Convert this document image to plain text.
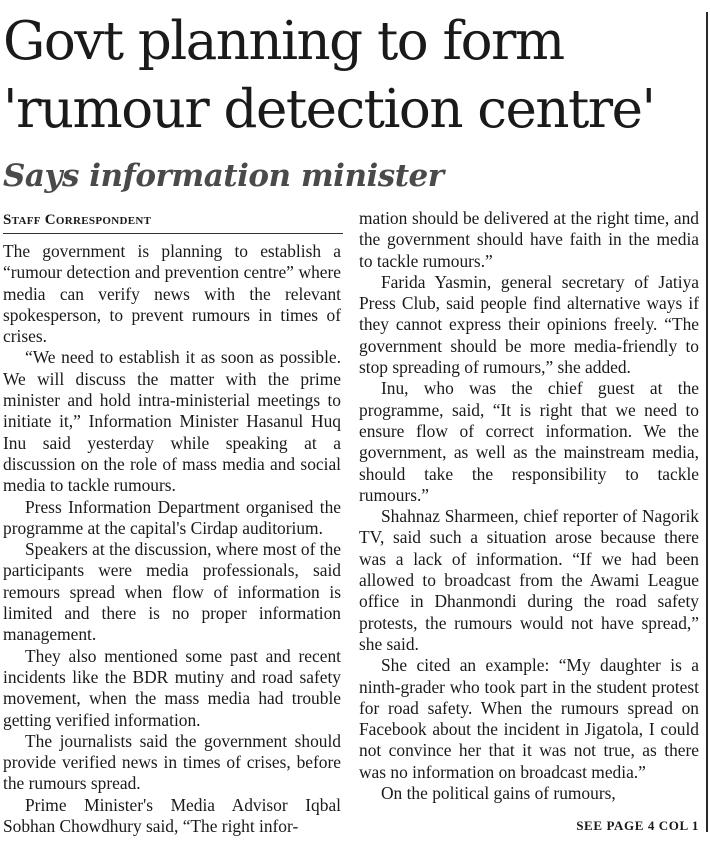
Govt planning to form
'rumour detection centre'
Says information minister
Staff Correspondent

The government is planning to establish a “rumour detection and prevention centre” where media can verify news with the relevant spokesperson, to prevent rumours in times of crises.

“We need to establish it as soon as possible. We will discuss the matter with the prime minister and hold intra-ministerial meetings to initiate it,” Information Minister Hasanul Huq Inu said yesterday while speaking at a discussion on the role of mass media and social media to tackle rumours.

Press Information Department organised the programme at the capital's Cirdap auditorium.

Speakers at the discussion, where most of the participants were media professionals, said remours spread when flow of information is limited and there is no proper information management.

They also mentioned some past and recent incidents like the BDR mutiny and road safety movement, when the mass media had trouble getting verified information.

The journalists said the government should provide verified news in times of crises, before the rumours spread.

Prime Minister's Media Advisor Iqbal Sobhan Chowdhury said, “The right infor-

mation should be delivered at the right time, and the government should have faith in the media to tackle rumours.”

Farida Yasmin, general secretary of Jatiya Press Club, said people find alternative ways if they cannot express their opinions freely. “The government should be more media-friendly to stop spreading of rumours,” she added.

Inu, who was the chief guest at the programme, said, “It is right that we need to ensure flow of correct information. We the government, as well as the mainstream media, should take the responsibility to tackle rumours.”

Shahnaz Sharmeen, chief reporter of Nagorik TV, said such a situation arose because there was a lack of information. “If we had been allowed to broadcast from the Awami League office in Dhanmondi during the road safety protests, the rumours would not have spread,” she said.

She cited an example: “My daughter is a ninth-grader who took part in the student protest for road safety. When the rumours spread on Facebook about the incident in Jigatola, I could not convince her that it was not true, as there was no information on broadcast media.”

On the political gains of rumours,

SEE PAGE 4 COL 1
